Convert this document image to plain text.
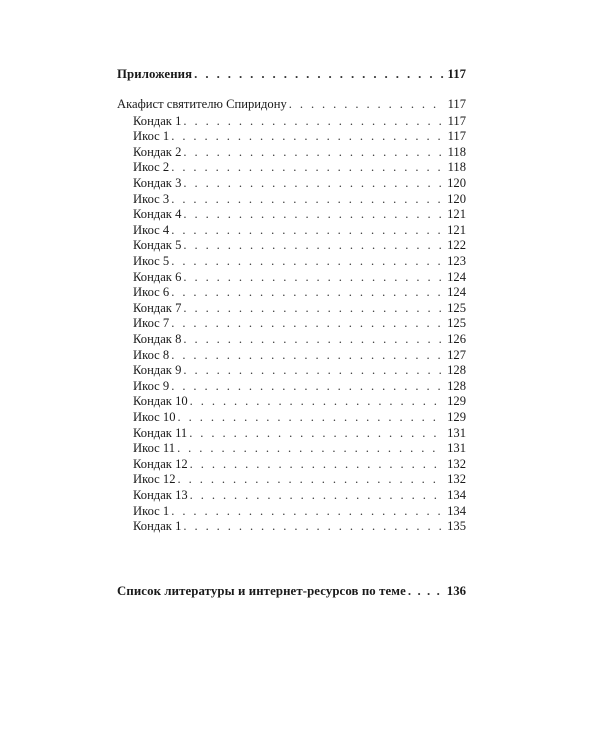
Приложения . . .	117
Акафист святителю Спиридону . . .	117
Кондак 1 . . .	117
Икос 1 . . .	117
Кондак 2 . . .	118
Икос 2 . . .	118
Кондак 3 . . .	120
Икос 3 . . .	120
Кондак 4 . . .	121
Икос 4 . . .	121
Кондак 5 . . .	122
Икос 5 . . .	123
Кондак 6 . . .	124
Икос 6 . . .	124
Кондак 7 . . .	125
Икос 7 . . .	125
Кондак 8 . . .	126
Икос 8 . . .	127
Кондак 9 . . .	128
Икос 9 . . .	128
Кондак 10 . . .	129
Икос 10 . . .	129
Кондак 11 . . .	131
Икос 11 . . .	131
Кондак 12 . . .	132
Икос 12 . . .	132
Кондак 13 . . .	134
Икос 1 . . .	134
Кондак 1 . . .	135
Список литературы и интернет-ресурсов по теме . . .	136
